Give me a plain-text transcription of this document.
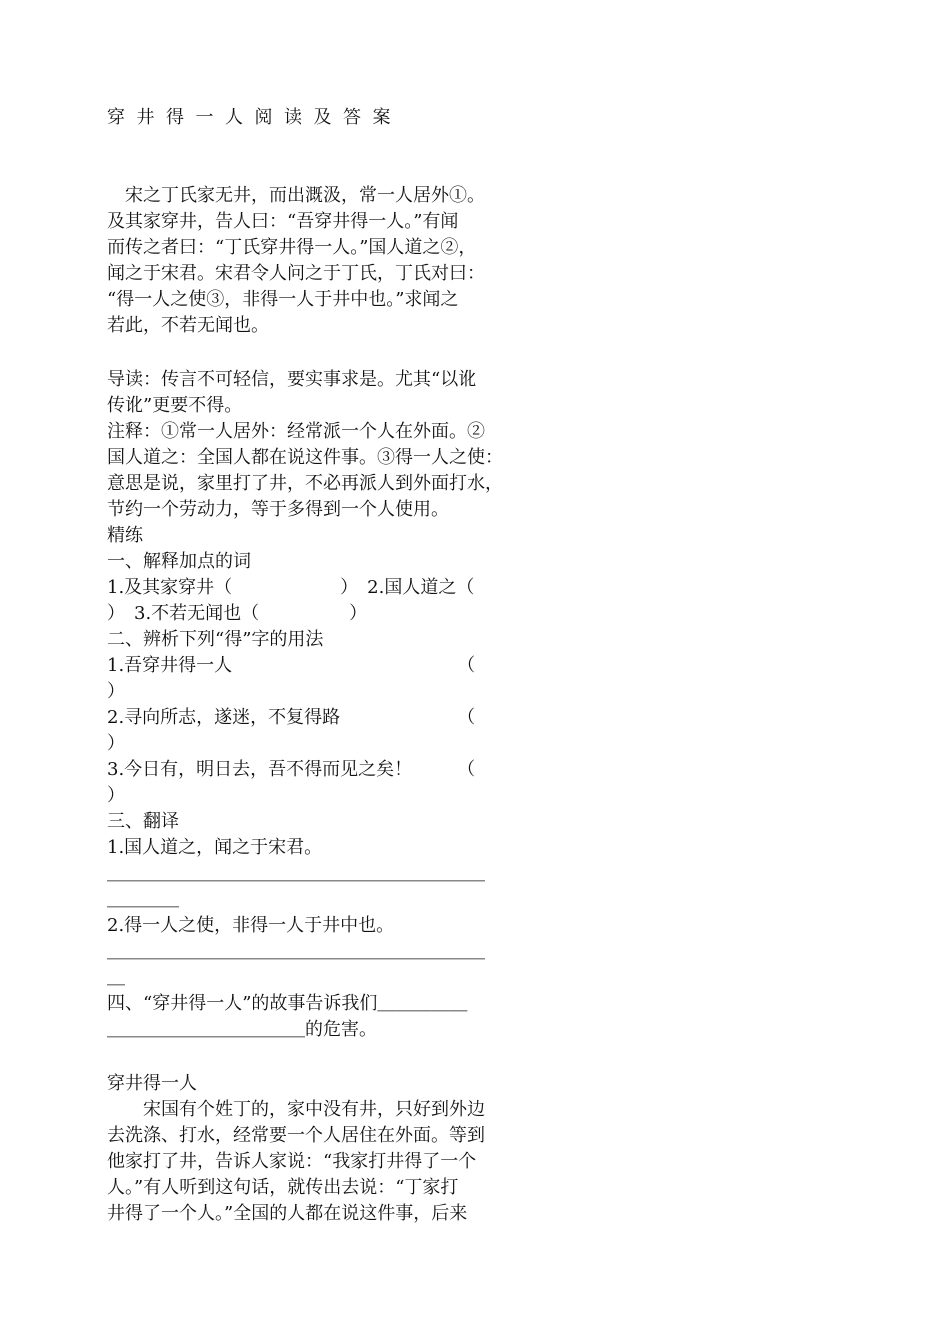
穿井得一人阅读及答案
　宋之丁氏家无井，而出溉汲，常一人居外①。
及其家穿井，告人曰：“吾穿井得一人。”有闻
而传之者曰：“丁氏穿井得一人。”国人道之②，
闻之于宋君。宋君令人问之于丁氏，丁氏对曰：
“得一人之使③，非得一人于井中也。”求闻之
若此，不若无闻也。
导读：传言不可轻信，要实事求是。尤其“以讹
传讹”更要不得。
注释：①常一人居外：经常派一个人在外面。②
国人道之：全国人都在说这件事。③得一人之使：
意思是说，家里打了井，不必再派人到外面打水，
节约一个劳动力，等于多得到一个人使用。
精练
一、解释加点的词
1.及其家穿井（　　　　　　）　2.国人道之（
）　3.不若无闻也（　　　　　）
二、辨析下列“得”字的用法
1.吾穿井得一人　　　　　　　　　　　　　（
）
2.寻向所志，遂迷，不复得路　　　　　　　（
）
3.今日有，明日去，吾不得而见之矣！　　　（
）
三、翻译
1.国人道之，闻之于宋君。
＿＿＿＿＿＿＿＿＿＿＿＿＿＿＿＿＿＿＿＿＿
＿＿＿＿
2.得一人之使，非得一人于井中也。
＿＿＿＿＿＿＿＿＿＿＿＿＿＿＿＿＿＿＿＿＿
＿
四、“穿井得一人”的故事告诉我们＿＿＿＿＿
＿＿＿＿＿＿＿＿＿＿＿的危害。
穿井得一人
　　宋国有个姓丁的，家中没有井，只好到外边
去洗涤、打水，经常要一个人居住在外面。等到
他家打了井，告诉人家说：“我家打井得了一个
人。”有人听到这句话，就传出去说：“丁家打
井得了一个人。”全国的人都在说这件事，后来
